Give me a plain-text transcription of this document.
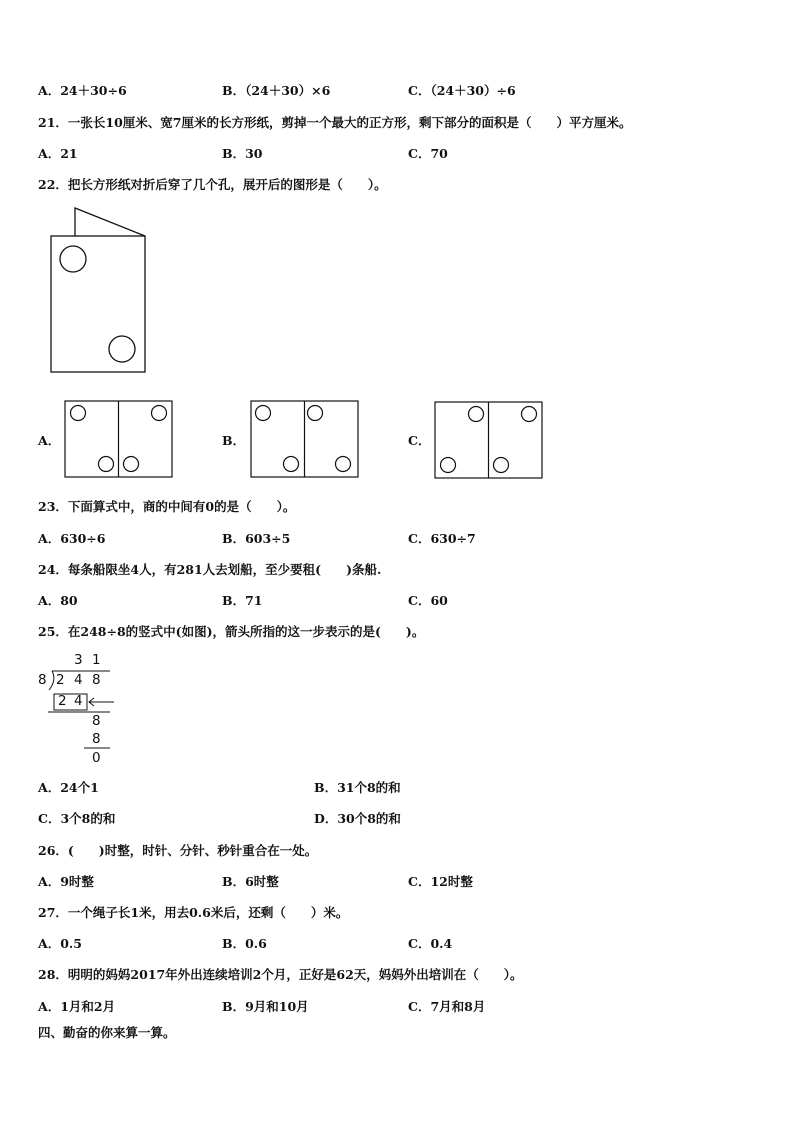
A．24＋30÷6	B．（24＋30）×6	C．（24＋30）÷6
21．一张长10厘米、宽7厘米的长方形纸，剪掉一个最大的正方形，剩下部分的面积是（　　）平方厘米。
A．21	B．30	C．70
22．把长方形纸对折后穿了几个孔，展开后的图形是（　　）。
A．	B．	C．
23．下面算式中，商的中间有0的是（　　）。
A．630÷6	B．603÷5	C．630÷7
24．每条船限坐4人，有281人去划船，至少要租(　　)条船.
A．80	B．71	C．60
25．在248÷8的竖式中(如图)，箭头所指的这一步表示的是(　　)。
3 1
8 2 4 8
2 4
8
8
0
A．24个1	B．31个8的和
C．3个8的和	D．30个8的和
26．(　　)时整，时针、分针、秒针重合在一处。
A．9时整	B．6时整	C．12时整
27．一个绳子长1米，用去0.6米后，还剩（　　）米。
A．0.5	B．0.6	C．0.4
28．明明的妈妈2017年外出连续培训2个月，正好是62天，妈妈外出培训在（　　）。
A．1月和2月	B．9月和10月	C．7月和8月
四、勤奋的你来算一算。
